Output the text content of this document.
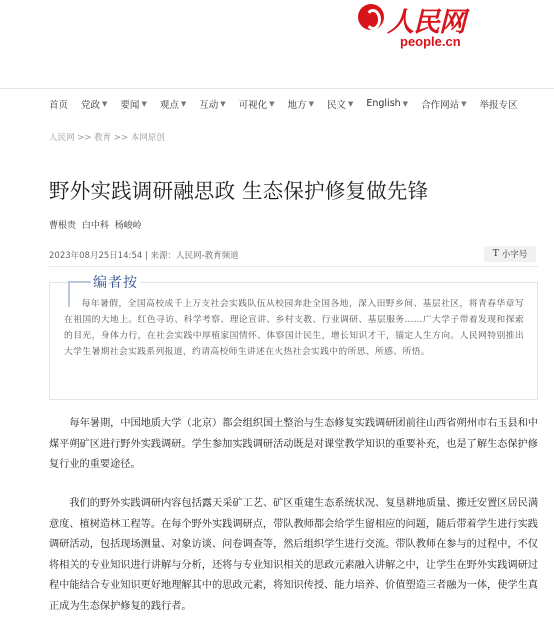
人民网
people.cn
首页 党政 ▼ 要闻 ▼ 观点 ▼ 互动 ▼ 可视化 ▼ 地方 ▼ 民文 ▼ English ▼ 合作网站 ▼ 举报专区
人民网 >> 教育 >> 本网原创
野外实践调研融思政 生态保护修复做先锋
曹根贵 白中科 杨峻岭
2023年08月25日14:54 | 来源：人民网-教育频道	T 小字号
编者按
每年暑假，全国高校成千上万支社会实践队伍从校园奔赴全国各地，深入田野乡间、基层社区，将青春华章写在祖国的大地上。红色寻访、科学考察、理论宣讲、乡村支教、行业调研、基层服务……广大学子带着发现和探索的目光，身体力行，在社会实践中厚植家国情怀、体察国计民生，增长知识才干，锚定人生方向。人民网特别推出大学生暑期社会实践系列报道，约请高校师生讲述在火热社会实践中的所思、所感、所悟。

每年暑期，中国地质大学（北京）都会组织国土整治与生态修复实践调研团前往山西省朔州市右玉县和中煤平朔矿区进行野外实践调研。学生参加实践调研活动既是对课堂教学知识的重要补充，也是了解生态保护修复行业的重要途径。

我们的野外实践调研内容包括露天采矿工艺、矿区重建生态系统状况、复垦耕地质量、搬迁安置区居民满意度、植树造林工程等。在每个野外实践调研点，带队教师都会给学生留相应的问题，随后带着学生进行实践调研活动，包括现场测量、对象访谈、问卷调查等，然后组织学生进行交流。带队教师在参与的过程中，不仅将相关的专业知识进行讲解与分析，还将与专业知识相关的思政元素融入讲解之中，让学生在野外实践调研过程中能结合专业知识更好地理解其中的思政元素，将知识传授、能力培养、价值塑造三者融为一体，使学生真正成为生态保护修复的践行者。
